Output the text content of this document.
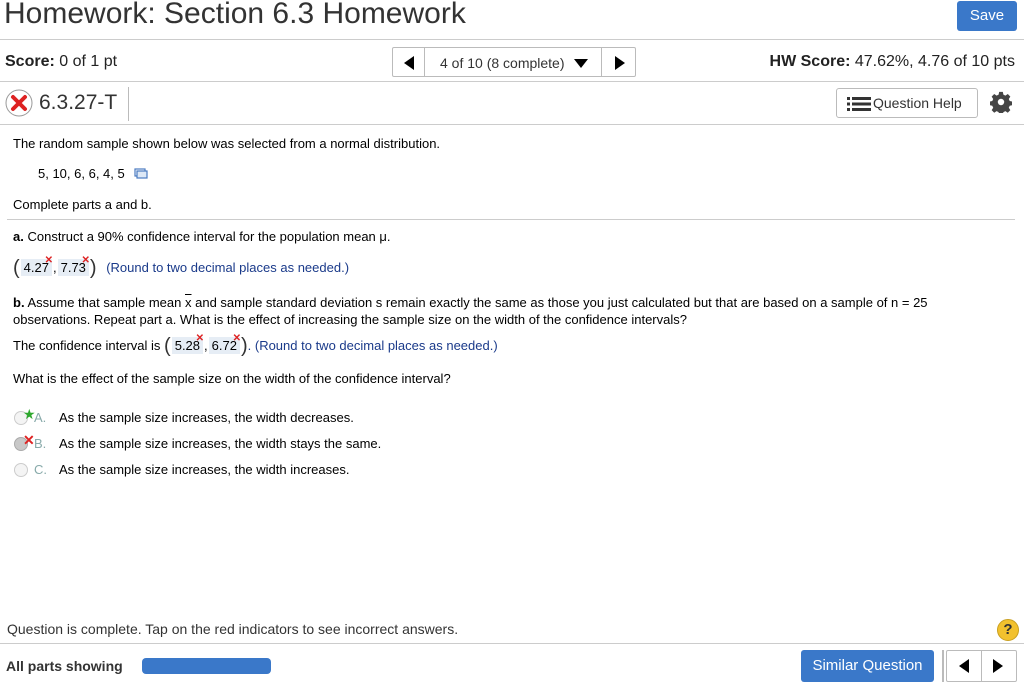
Homework: Section 6.3 Homework	Save
Score: 0 of 1 pt	4 of 10 (8 complete)	HW Score: 47.62%, 4.76 of 10 pts
6.3.27-T	Question Help
The random sample shown below was selected from a normal distribution.
5, 10, 6, 6, 4, 5
Complete parts a and b.
a. Construct a 90% confidence interval for the population mean μ.
( 4.27
✕ , 7.73
✕ ) (Round to two decimal places as needed.)
b. Assume that sample mean $\overline{x}$ and sample standard deviation s remain exactly the same as those you just calculated but that are based on a sample of n = 25
observations. Repeat part a. What is the effect of increasing the sample size on the width of the confidence intervals?
The confidence interval is ( 5.28
✕ , 6.72
✕ ). (Round to two decimal places as needed.)
What is the effect of the sample size on the width of the confidence interval?
★
A. As the sample size increases, the width decreases.
✕ B. As the sample size increases, the width stays the same.
C. As the sample size increases, the width increases.
Question is complete. Tap on the red indicators to see incorrect answers.	?
All parts showing	Similar Question
